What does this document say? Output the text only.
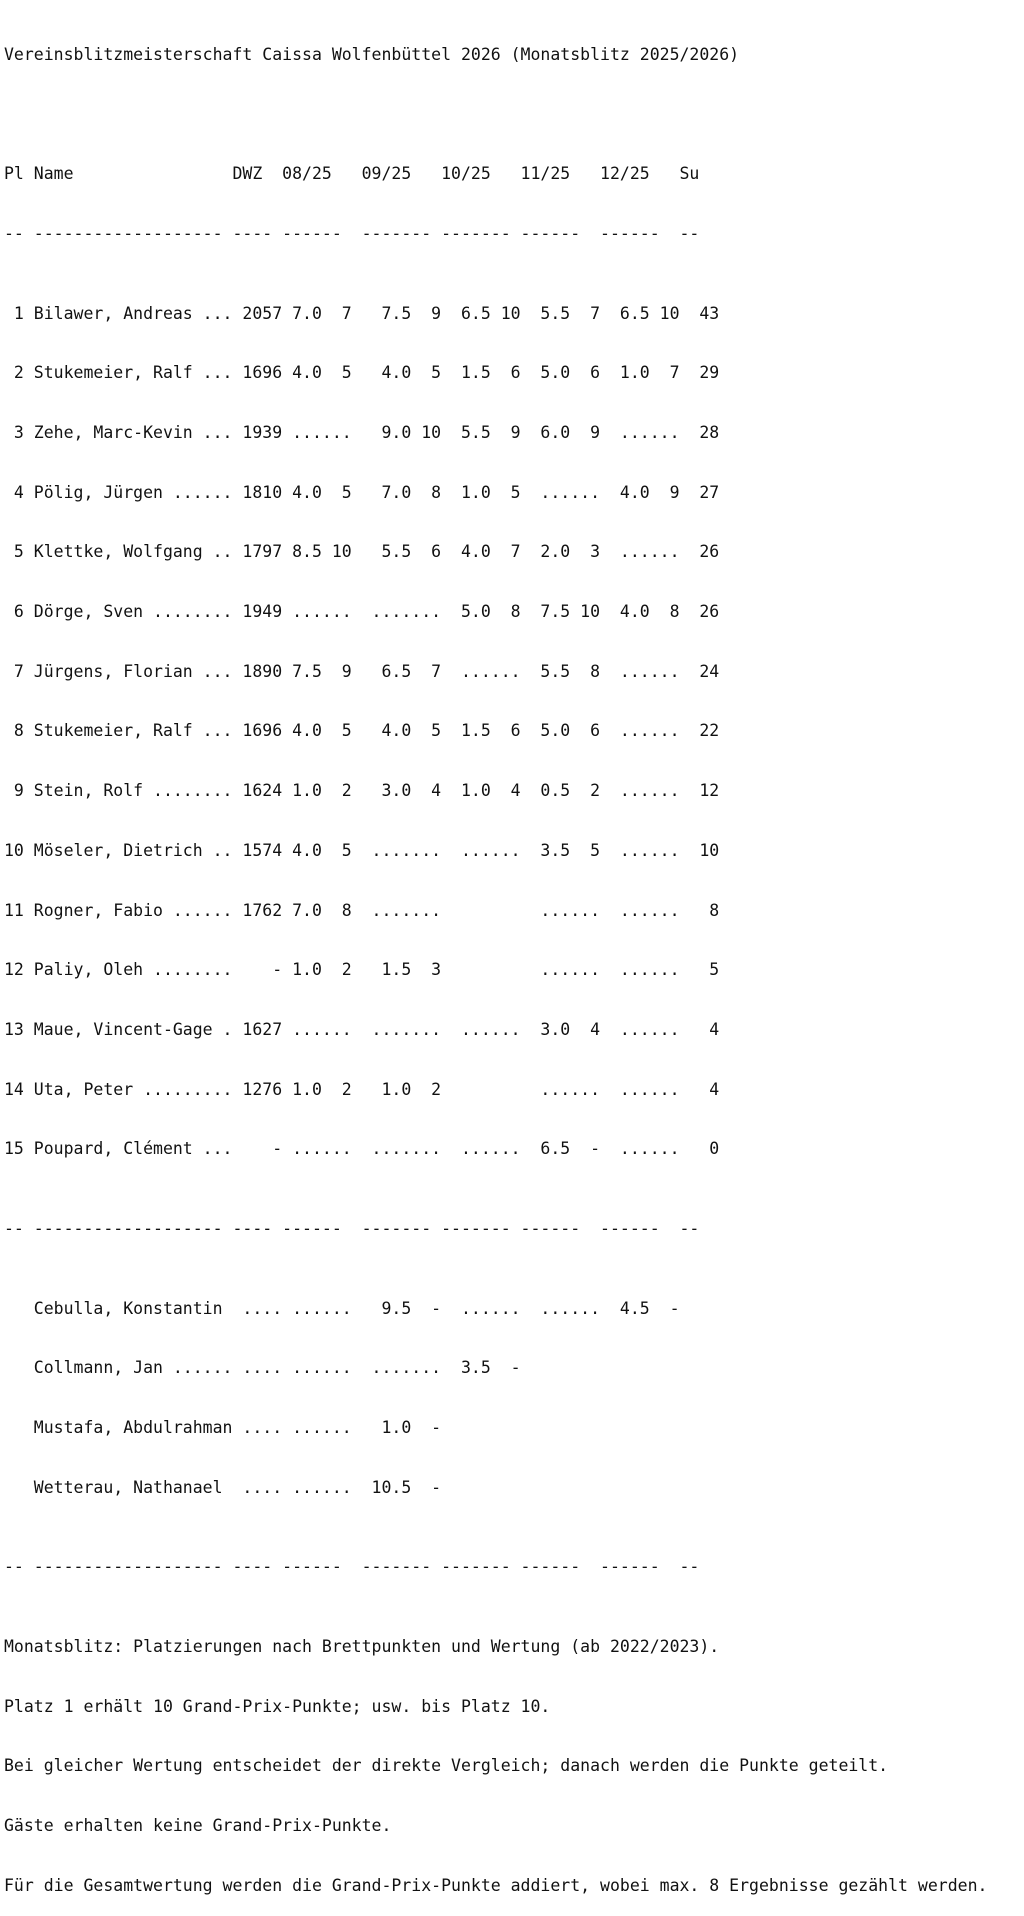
Vereinsblitzmeisterschaft Caissa Wolfenbüttel 2026 (Monatsblitz 2025/2026)

Pl Name                DWZ  08/25   09/25   10/25   11/25   12/25   Su

-- ------------------- ---- ------  ------- ------- ------  ------  --

1 Bilawer, Andreas ... 2057 7.0  7   7.5  9  6.5 10  5.5  7  6.5 10  43

2 Stukemeier, Ralf ... 1696 4.0  5   4.0  5  1.5  6  5.0  6  1.0  7  29

3 Zehe, Marc-Kevin ... 1939 ......   9.0 10  5.5  9  6.0  9  ......  28

4 Pölig, Jürgen ...... 1810 4.0  5   7.0  8  1.0  5  ......  4.0  9  27

5 Klettke, Wolfgang .. 1797 8.5 10   5.5  6  4.0  7  2.0  3  ......  26

6 Dörge, Sven ........ 1949 ......  .......  5.0  8  7.5 10  4.0  8  26

7 Jürgens, Florian ... 1890 7.5  9   6.5  7  ......  5.5  8  ......  24

8 Stukemeier, Ralf ... 1696 4.0  5   4.0  5  1.5  6  5.0  6  ......  22

9 Stein, Rolf ........ 1624 1.0  2   3.0  4  1.0  4  0.5  2  ......  12

10 Möseler, Dietrich .. 1574 4.0  5  .......  ......  3.5  5  ......  10

11 Rogner, Fabio ...... 1762 7.0  8  .......          ......  ......   8

12 Paliy, Oleh ........    - 1.0  2   1.5  3          ......  ......   5

13 Maue, Vincent-Gage . 1627 ......  .......  ......  3.0  4  ......   4

14 Uta, Peter ......... 1276 1.0  2   1.0  2          ......  ......   4

15 Poupard, Clément ...    - ......  .......  ......  6.5  -  ......   0

-- ------------------- ---- ------  ------- ------- ------  ------  --

Cebulla, Konstantin  .... ......   9.5  -  ......  ......  4.5  -

Collmann, Jan ...... .... ......  .......  3.5  -

Mustafa, Abdulrahman .... ......   1.0  -

Wetterau, Nathanael  .... ......  10.5  -

-- ------------------- ---- ------  ------- ------- ------  ------  --

Monatsblitz: Platzierungen nach Brettpunkten und Wertung (ab 2022/2023).

Platz 1 erhält 10 Grand-Prix-Punkte; usw. bis Platz 10.

Bei gleicher Wertung entscheidet der direkte Vergleich; danach werden die Punkte geteilt.

Gäste erhalten keine Grand-Prix-Punkte.

Für die Gesamtwertung werden die Grand-Prix-Punkte addiert, wobei max. 8 Ergebnisse gezählt werden.
